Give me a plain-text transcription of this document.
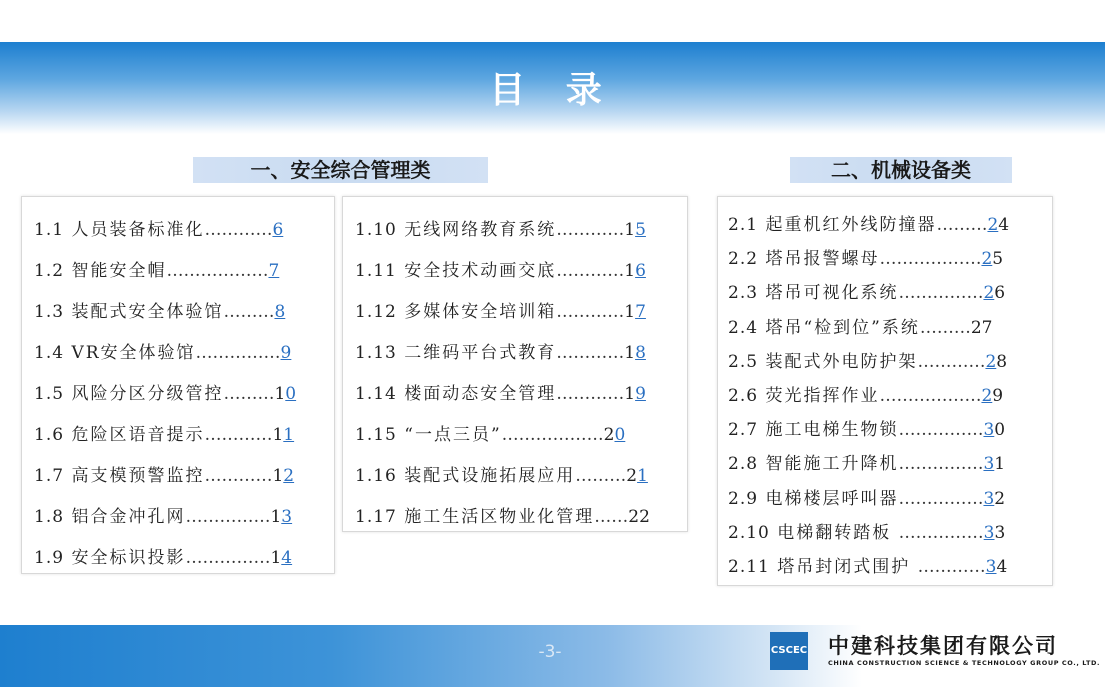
目 录
一、安全综合管理类	二、机械设备类
1.1 人员装备标准化…………6
1.2 智能安全帽………………7
1.3 装配式安全体验馆………8
1.4 VR安全体验馆……………9
1.5 风险分区分级管控………10
1.6 危险区语音提示…………11
1.7 高支模预警监控…………12
1.8 铝合金冲孔网……………13
1.9 安全标识投影……………14
1.10 无线网络教育系统…………15
1.11 安全技术动画交底…………16
1.12 多媒体安全培训箱…………17
1.13 二维码平台式教育…………18
1.14 楼面动态安全管理…………19
1.15 “一点三员”………………20
1.16 装配式设施拓展应用………21
1.17 施工生活区物业化管理……22
2.1 起重机红外线防撞器………24
2.2 塔吊报警螺母………………25
2.3 塔吊可视化系统……………26
2.4 塔吊“检到位”系统………27
2.5 装配式外电防护架…………28
2.6 荧光指挥作业………………29
2.7 施工电梯生物锁……………30
2.8 智能施工升降机……………31
2.9 电梯楼层呼叫器……………32
2.10 电梯翻转踏板 ……………33
2.11 塔吊封闭式围护 …………34
-3-	CSCEC 中建科技集团有限公司
CHINA CONSTRUCTION SCIENCE & TECHNOLOGY GROUP CO., LTD.
